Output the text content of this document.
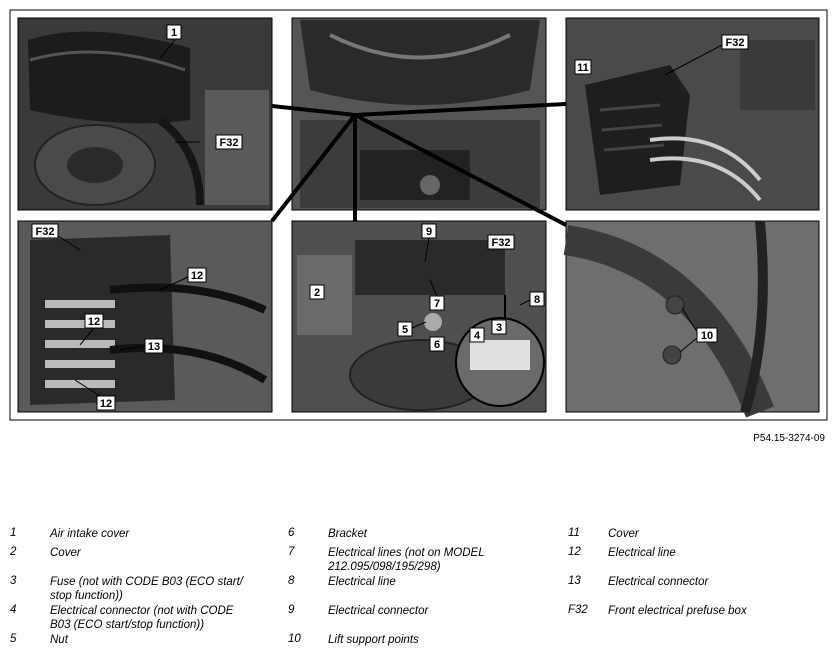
1
F32
F32
11
F32
12
12
13
12
9
F32
2
7	8
5
6
4
3
10
P54.15-3274-09
1	Air intake cover
2	Cover
3	Fuse (not with CODE B03 (ECO start/
stop function))
4	Electrical connector (not with CODE
B03 (ECO start/stop function))
5	Nut
6	Bracket
7	Electrical lines (not on MODEL
212.095/098/195/298)
8	Electrical line
9	Electrical connector
10	Lift support points
11	Cover
12	Electrical line
13	Electrical connector
F32	Front electrical prefuse box
